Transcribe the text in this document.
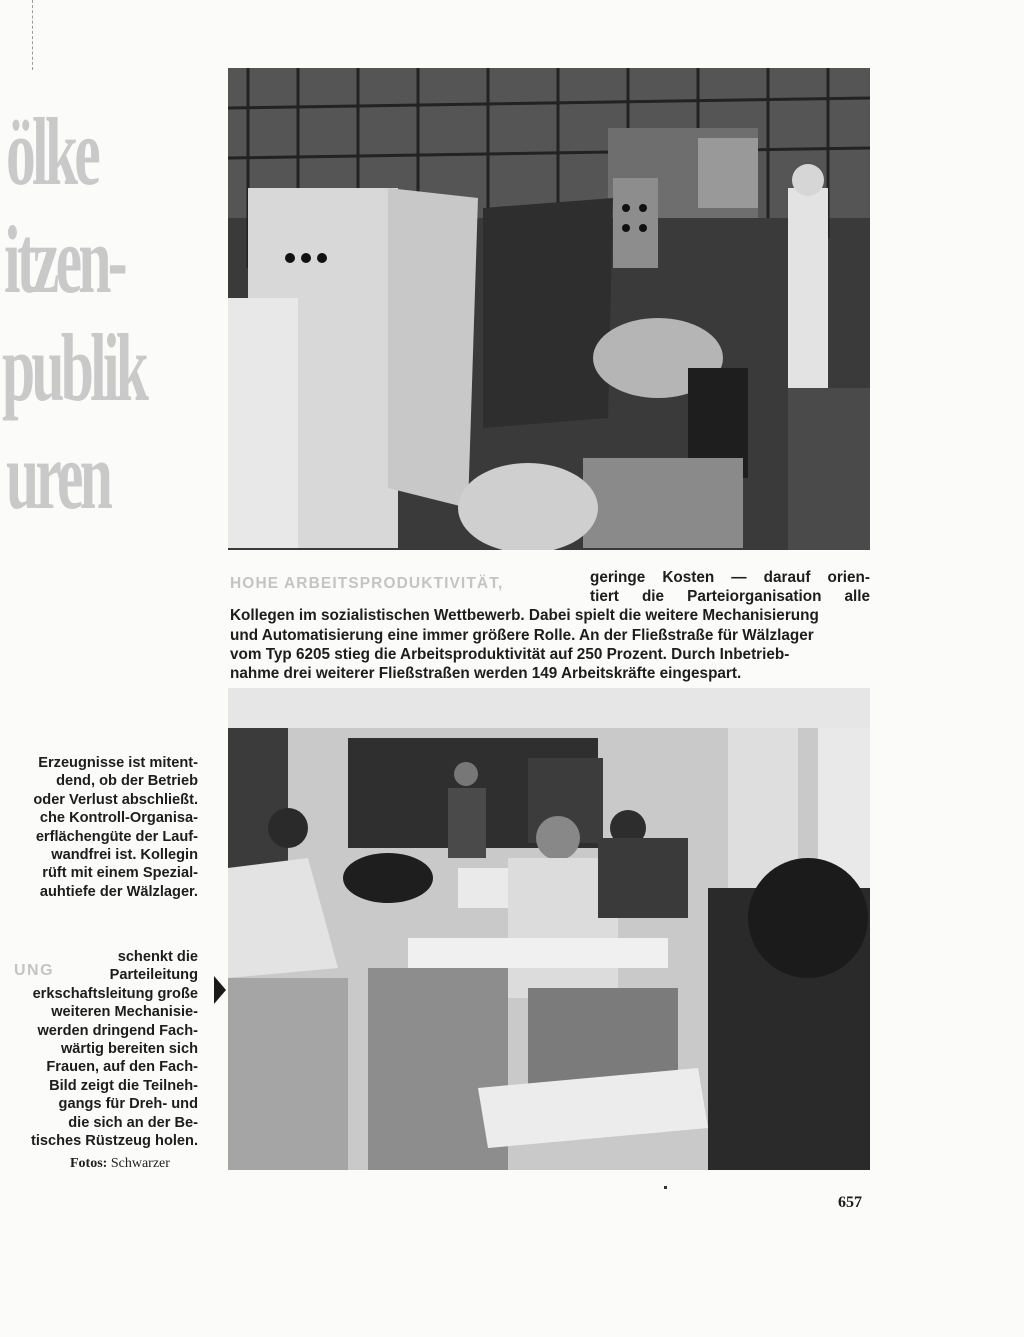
ölke
itzen-
publik
uren
HOHE ARBEITSPRODUKTIVITÄT,	geringe Kosten — darauf orien-
tiert die Parteiorganisation alle
Kollegen im sozialistischen Wettbewerb. Dabei spielt die weitere Mechanisierung
und Automatisierung eine immer größere Rolle. An der Fließstraße für Wälzlager
vom Typ 6205 stieg die Arbeitsproduktivität auf 250 Prozent. Durch Inbetrieb-
nahme drei weiterer Fließstraßen werden 149 Arbeitskräfte eingespart.
Erzeugnisse ist mitent-
dend, ob der Betrieb
oder Verlust abschließt.
che Kontroll-Organisa-
erflächengüte der Lauf-
wandfrei ist. Kollegin
rüft mit einem Spezial-
auhtiefe der Wälzlager.
UNG
schenkt die
Parteileitung
erkschaftsleitung große
weiteren Mechanisie-
werden dringend Fach-
wärtig bereiten sich
Frauen, auf den Fach-
Bild zeigt die Teilneh-
gangs für Dreh- und
die sich an der Be-
tisches Rüstzeug holen.
Fotos: Schwarzer
657
